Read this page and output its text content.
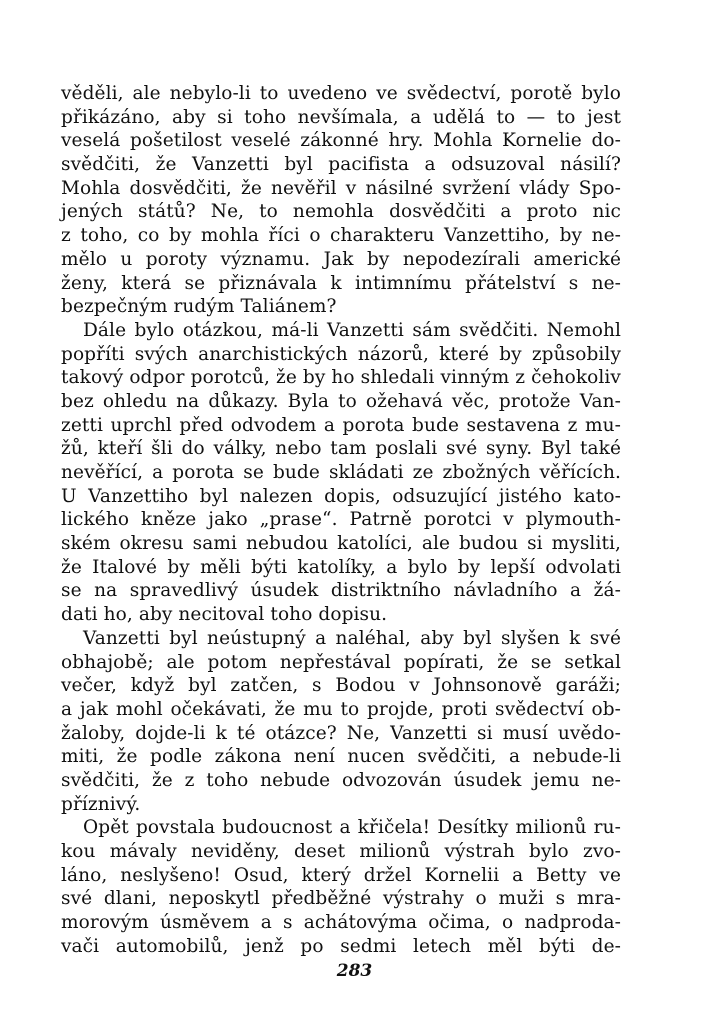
věděli, ale nebylo-li to uvedeno ve svědectví, porotě bylo
přikázáno, aby si toho nevšímala, a udělá to — to jest
veselá pošetilost veselé zákonné hry. Mohla Kornelie do-
svědčiti, že Vanzetti byl pacifista a odsuzoval násilí?
Mohla dosvědčiti, že nevěřil v násilné svržení vlády Spo-
jených států? Ne, to nemohla dosvědčiti a proto nic
z toho, co by mohla říci o charakteru Vanzettiho, by ne-
mělo u poroty významu. Jak by nepodezírali americké
ženy, která se přiznávala k intimnímu přátelství s ne-
bezpečným rudým Taliánem?
Dále bylo otázkou, má-li Vanzetti sám svědčiti. Nemohl
popříti svých anarchistických názorů, které by způsobily
takový odpor porotců, že by ho shledali vinným z čehokoliv
bez ohledu na důkazy. Byla to ožehavá věc, protože Van-
zetti uprchl před odvodem a porota bude sestavena z mu-
žů, kteří šli do války, nebo tam poslali své syny. Byl také
nevěřící, a porota se bude skládati ze zbožných věřících.
U Vanzettiho byl nalezen dopis, odsuzující jistého kato-
lického kněze jako „prase“. Patrně porotci v plymouth-
ském okresu sami nebudou katolíci, ale budou si mysliti,
že Italové by měli býti katolíky, a bylo by lepší odvolati
se na spravedlivý úsudek distriktního návladního a žá-
dati ho, aby necitoval toho dopisu.
Vanzetti byl neústupný a naléhal, aby byl slyšen k své
obhajobě; ale potom nepřestával popírati, že se setkal
večer, když byl zatčen, s Bodou v Johnsonově garáži;
a jak mohl očekávati, že mu to projde, proti svědectví ob-
žaloby, dojde-li k té otázce? Ne, Vanzetti si musí uvědo-
miti, že podle zákona není nucen svědčiti, a nebude-li
svědčiti, že z toho nebude odvozován úsudek jemu ne-
příznivý.
Opět povstala budoucnost a křičela! Desítky milionů ru-
kou mávaly neviděny, deset milionů výstrah bylo zvo-
láno, neslyšeno! Osud, který držel Kornelii a Betty ve
své dlani, neposkytl předběžné výstrahy o muži s mra-
morovým úsměvem a s achátovýma očima, o nadproda-
vači automobilů, jenž po sedmi letech měl býti de-
283
